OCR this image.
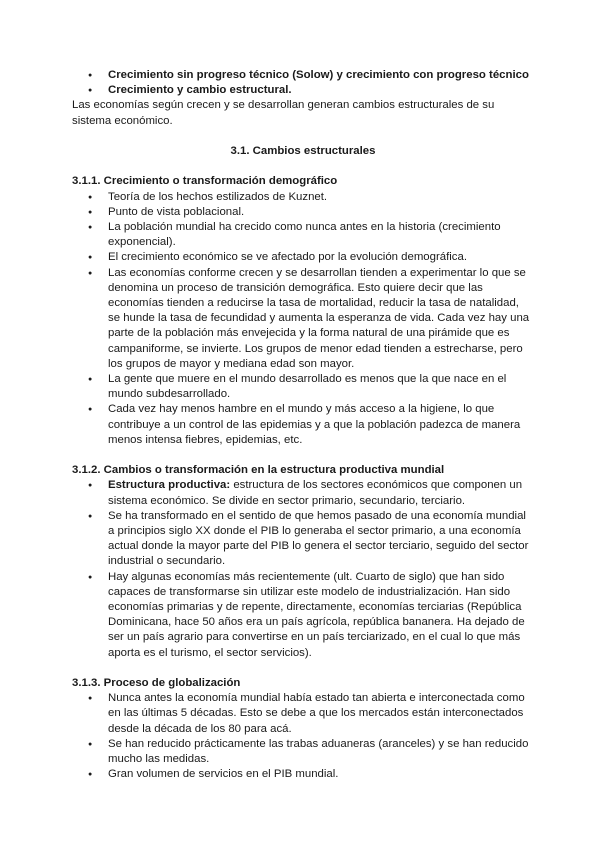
● Crecimiento sin progreso técnico (Solow) y crecimiento con progreso técnico
● Crecimiento y cambio estructural.

Las economías según crecen y se desarrollan generan cambios estructurales de su sistema económico.

3.1. Cambios estructurales

3.1.1. Crecimiento o transformación demográfico

● Teoría de los hechos estilizados de Kuznet.
● Punto de vista poblacional.
● La población mundial ha crecido como nunca antes en la historia (crecimiento exponencial).
● El crecimiento económico se ve afectado por la evolución demográfica.
● Las economías conforme crecen y se desarrollan tienden a experimentar lo que se denomina un proceso de transición demográfica. Esto quiere decir que las economías tienden a reducirse la tasa de mortalidad, reducir la tasa de natalidad, se hunde la tasa de fecundidad y aumenta la esperanza de vida. Cada vez hay una parte de la población más envejecida y la forma natural de una pirámide que es campaniforme, se invierte. Los grupos de menor edad tienden a estrecharse, pero los grupos de mayor y mediana edad son mayor.
● La gente que muere en el mundo desarrollado es menos que la que nace en el mundo subdesarrollado.
● Cada vez hay menos hambre en el mundo y más acceso a la higiene, lo que contribuye a un control de las epidemias y a que la población padezca de manera menos intensa fiebres, epidemias, etc.

3.1.2. Cambios o transformación en la estructura productiva mundial

● Estructura productiva: estructura de los sectores económicos que componen un sistema económico. Se divide en sector primario, secundario, terciario.
● Se ha transformado en el sentido de que hemos pasado de una economía mundial a principios siglo XX donde el PIB lo generaba el sector primario, a una economía actual donde la mayor parte del PIB lo genera el sector terciario, seguido del sector industrial o secundario.
● Hay algunas economías más recientemente (ult. Cuarto de siglo) que han sido capaces de transformarse sin utilizar este modelo de industrialización. Han sido economías primarias y de repente, directamente, economías terciarias (República Dominicana, hace 50 años era un país agrícola, república bananera. Ha dejado de ser un país agrario para convertirse en un país terciarizado, en el cual lo que más aporta es el turismo, el sector servicios).

3.1.3. Proceso de globalización

● Nunca antes la economía mundial había estado tan abierta e interconectada como en las últimas 5 décadas. Esto se debe a que los mercados están interconectados desde la década de los 80 para acá.
● Se han reducido prácticamente las trabas aduaneras (aranceles) y se han reducido mucho las medidas.
● Gran volumen de servicios en el PIB mundial.
